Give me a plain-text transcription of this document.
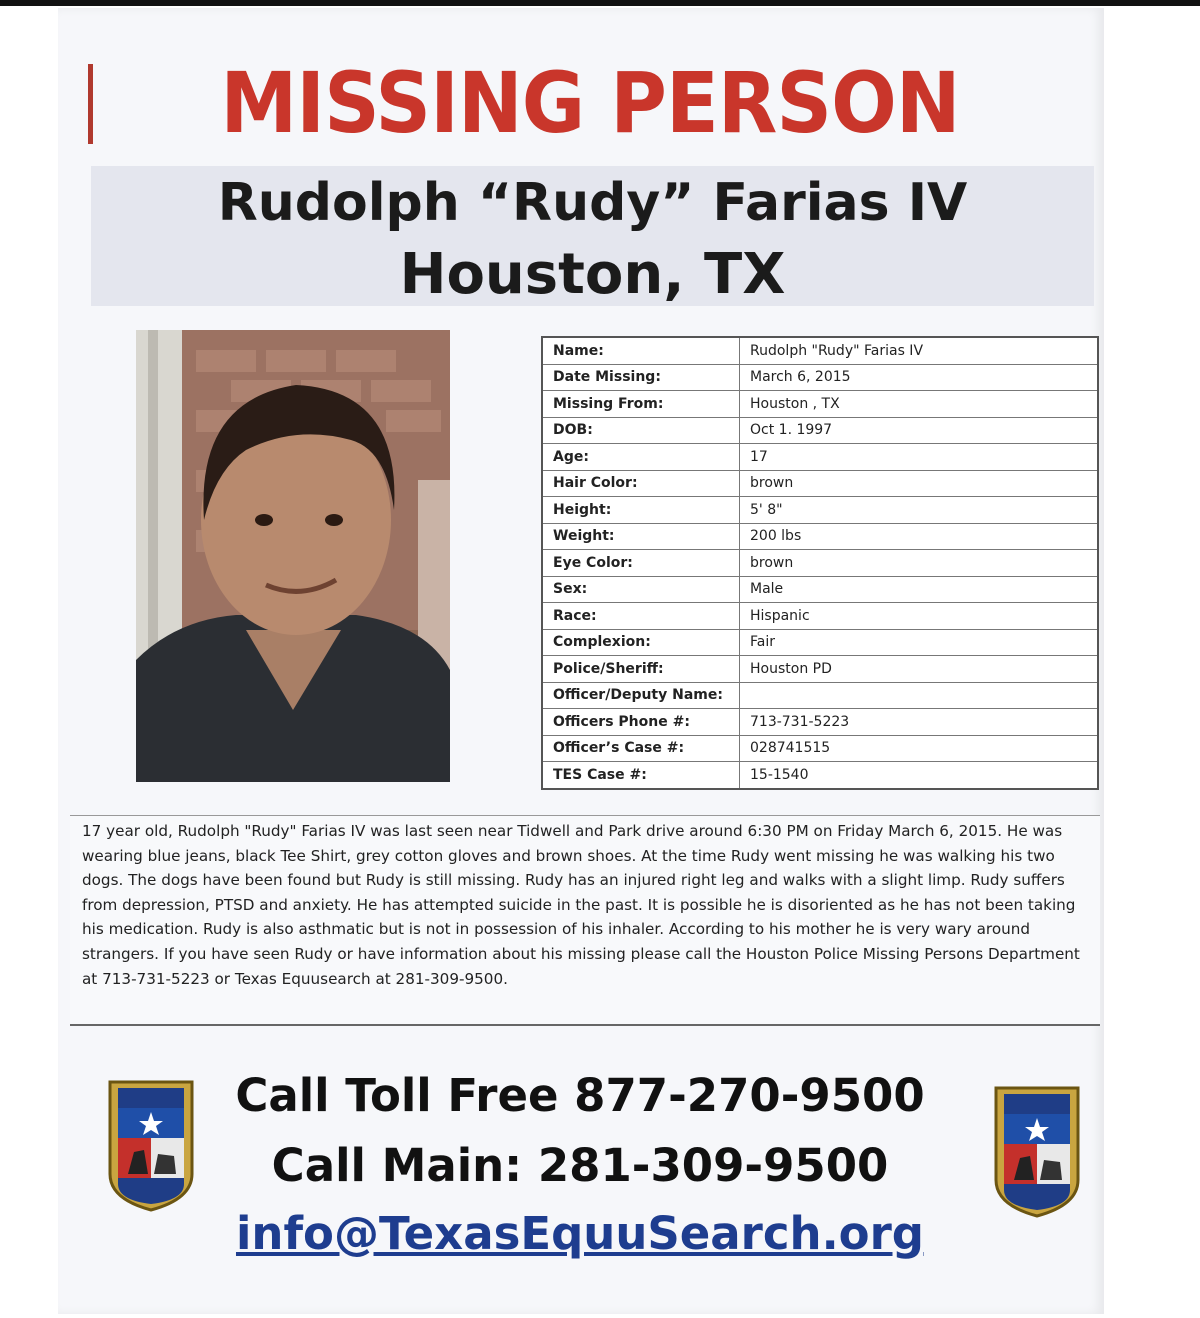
MISSING PERSON
Rudolph “Rudy” Farias IV
Houston, TX
Name:	Rudolph "Rudy" Farias IV
Date Missing:	March 6, 2015
Missing From:	Houston , TX
DOB:	Oct 1. 1997
Age:	17
Hair Color:	brown
Height:	5' 8"
Weight:	200 lbs
Eye Color:	brown
Sex:	Male
Race:	Hispanic
Complexion:	Fair
Police/Sheriff:	Houston PD
Officer/Deputy Name:	
Officers Phone #:	713-731-5223
Officer’s Case #:	028741515
TES Case #:	15-1540

17 year old, Rudolph "Rudy" Farias IV was last seen near Tidwell and Park drive around 6:30 PM on Friday March 6, 2015. He was wearing blue jeans, black Tee Shirt, grey cotton gloves and brown shoes. At the time Rudy went missing he was walking his two dogs. The dogs have been found but Rudy is still missing. Rudy has an injured right leg and walks with a slight limp. Rudy suffers from depression, PTSD and anxiety. He has attempted suicide in the past. It is possible he is disoriented as he has not been taking his medication. Rudy is also asthmatic but is not in possession of his inhaler. According to his mother he is very wary around strangers. If you have seen Rudy or have information about his missing please call the Houston Police Missing Persons Department at 713-731-5223 or Texas Equusearch at 281-309-9500.

Call Toll Free 877-270-9500
Call Main: 281-309-9500
info@TexasEquuSearch.org
